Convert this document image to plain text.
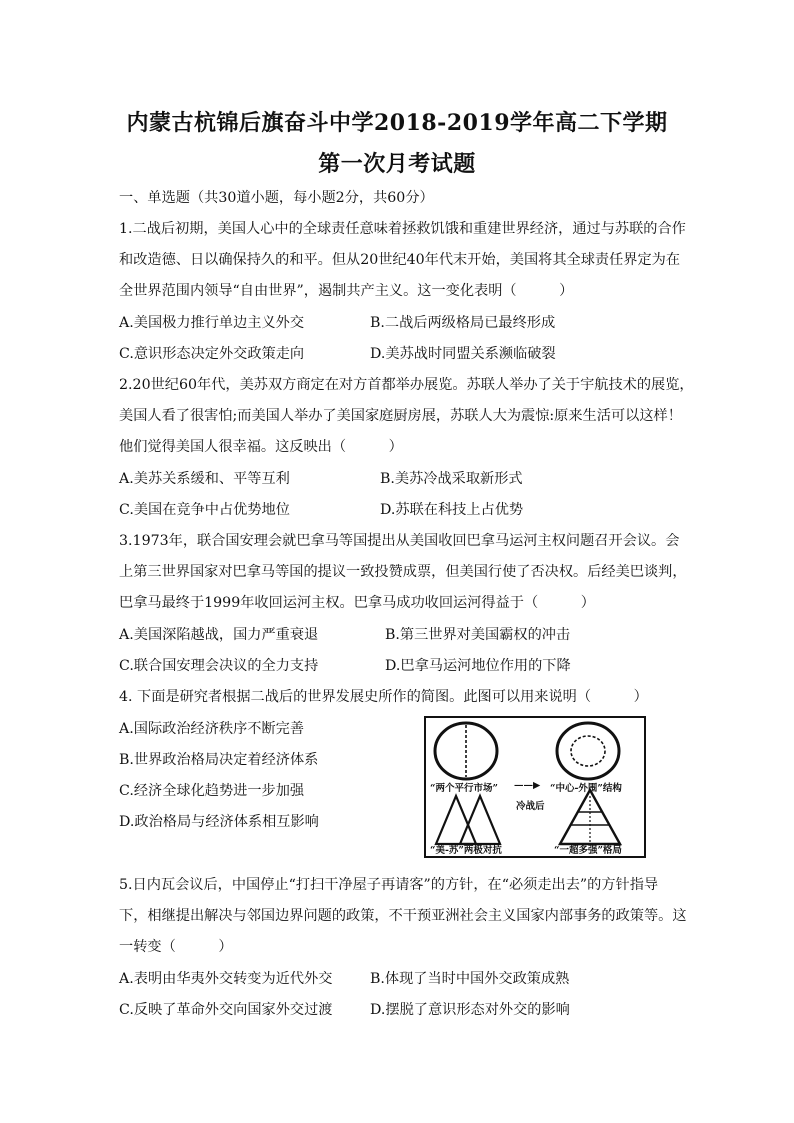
内蒙古杭锦后旗奋斗中学2018-2019学年高二下学期
第一次月考试题
一、单选题（共30道小题，每小题2分，共60分）
1.二战后初期，美国人心中的全球责任意味着拯救饥饿和重建世界经济，通过与苏联的合作
和改造德、日以确保持久的和平。但从20世纪40年代末开始，美国将其全球责任界定为在
全世界范围内领导“自由世界”，遏制共产主义。这一变化表明（　　　）
A.美国极力推行单边主义外交	B.二战后两级格局已最终形成
C.意识形态决定外交政策走向	D.美苏战时同盟关系濒临破裂
2.20世纪60年代，美苏双方商定在对方首都举办展览。苏联人举办了关于宇航技术的展览，
美国人看了很害怕;而美国人举办了美国家庭厨房展，苏联人大为震惊:原来生活可以这样！
他们觉得美国人很幸福。这反映出（　　　）
A.美苏关系缓和、平等互利	B.美苏冷战采取新形式
C.美国在竞争中占优势地位	D.苏联在科技上占优势
3.1973年，联合国安理会就巴拿马等国提出从美国收回巴拿马运河主权问题召开会议。会
上第三世界国家对巴拿马等国的提议一致投赞成票，但美国行使了否决权。后经美巴谈判，
巴拿马最终于1999年收回运河主权。巴拿马成功收回运河得益于（　　　）
A.美国深陷越战，国力严重衰退	B.第三世界对美国霸权的冲击
C.联合国安理会决议的全力支持	D.巴拿马运河地位作用的下降
4. 下面是研究者根据二战后的世界发展史所作的简图。此图可以用来说明（　　　）
A.国际政治经济秩序不断完善
B.世界政治格局决定着经济体系
C.经济全球化趋势进一步加强
D.政治格局与经济体系相互影响
“两个平行市场” ——▶ “中心-外围”结构
冷战后
“美-苏”两极对抗	“一超多强”格局
5.日内瓦会议后，中国停止“打扫干净屋子再请客”的方针，在“必须走出去”的方针指导
下，相继提出解决与邻国边界问题的政策，不干预亚洲社会主义国家内部事务的政策等。这
一转变（　　　）
A.表明由华夷外交转变为近代外交	B.体现了当时中国外交政策成熟
C.反映了革命外交向国家外交过渡	D.摆脱了意识形态对外交的影响
